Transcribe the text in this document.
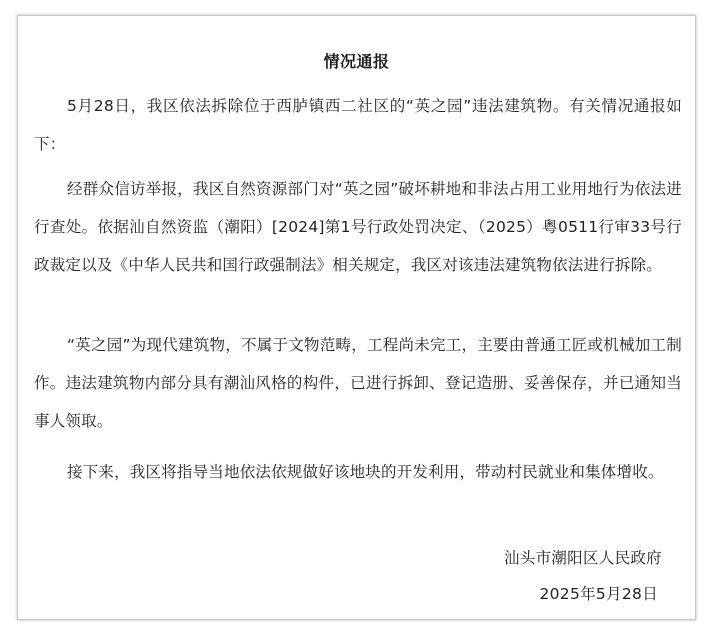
情况通报

5月28日，我区依法拆除位于西胪镇西二社区的“英之园”违法建筑物。有关情况通报如下：

经群众信访举报，我区自然资源部门对“英之园”破坏耕地和非法占用工业用地行为依法进行查处。依据汕自然资监（潮阳）[2024]第1号行政处罚决定、（2025）粤0511行审33号行政裁定以及《中华人民共和国行政强制法》相关规定，我区对该违法建筑物依法进行拆除。

“英之园”为现代建筑物，不属于文物范畴，工程尚未完工，主要由普通工匠或机械加工制作。违法建筑物内部分具有潮汕风格的构件，已进行拆卸、登记造册、妥善保存，并已通知当事人领取。

接下来，我区将指导当地依法依规做好该地块的开发利用，带动村民就业和集体增收。

汕头市潮阳区人民政府
2025年5月28日
